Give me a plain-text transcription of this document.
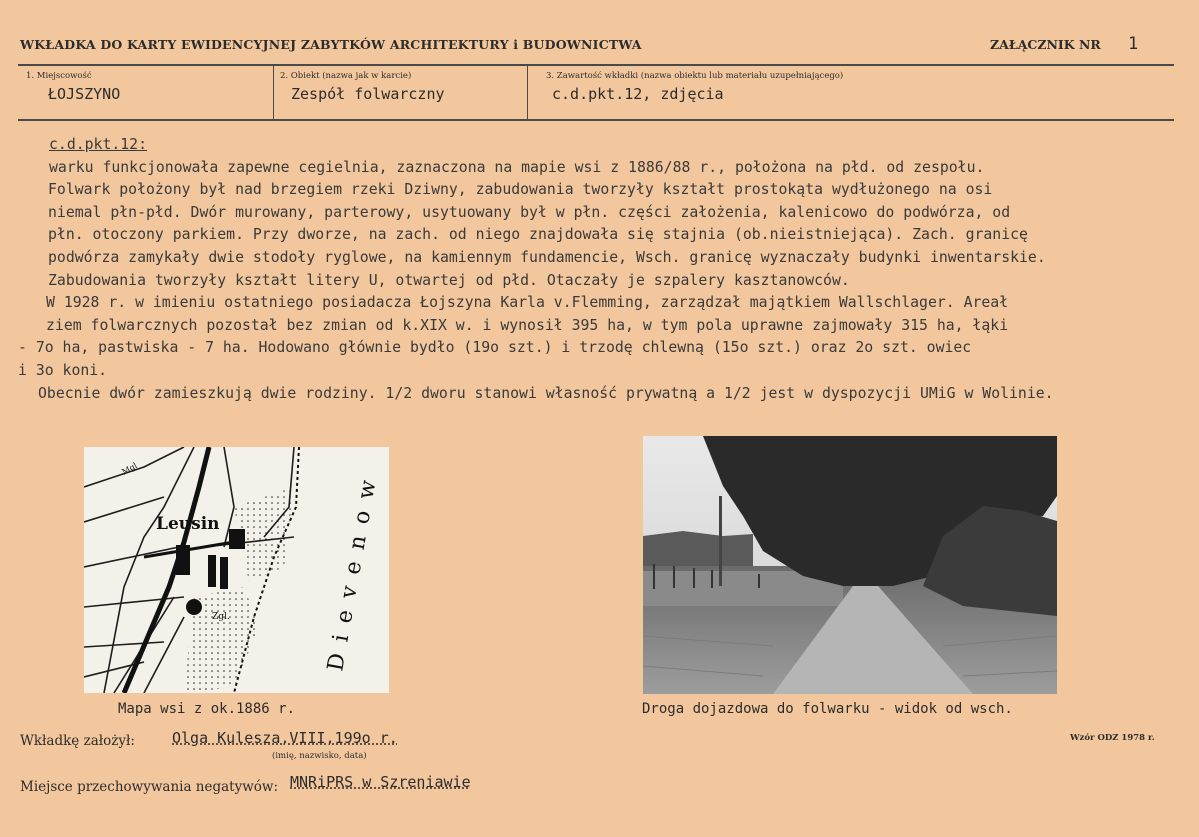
WKŁADKA DO KARTY EWIDENCYJNEJ ZABYTKÓW ARCHITEKTURY i BUDOWNICTWA	ZAŁĄCZNIK NR 1
1. Miejscowość
ŁOJSZYNO
2. Obiekt (nazwa jak w karcie)
Zespół folwarczny
3. Zawartość wkładki (nazwa obiektu lub materiału uzupełniającego)
c.d.pkt.12, zdjęcia
c.d.pkt.12:
warku funkcjonowała zapewne cegielnia, zaznaczona na mapie wsi z 1886/88 r., położona na płd. od zespołu.
Folwark położony był nad brzegiem rzeki Dziwny, zabudowania tworzyły kształt prostokąta wydłużonego na osi
niemal płn-płd. Dwór murowany, parterowy, usytuowany był w płn. części założenia, kalenicowo do podwórza, od
płn. otoczony parkiem. Przy dworze, na zach. od niego znajdowała się stajnia (ob.nieistniejąca). Zach. granicę
podwórza zamykały dwie stodoły ryglowe, na kamiennym fundamencie, Wsch. granicę wyznaczały budynki inwentarskie.
Zabudowania tworzyły kształt litery U, otwartej od płd. Otaczały je szpalery kasztanowców.
W 1928 r. w imieniu ostatniego posiadacza Łojszyna Karla v.Flemming, zarządzał majątkiem Wallschlager. Areał
ziem folwarcznych pozostał bez zmian od k.XIX w. i wynosił 395 ha, w tym pola uprawne zajmowały 315 ha, łąki
- 7o ha, pastwiska - 7 ha. Hodowano głównie bydło (19o szt.) i trzodę chlewną (15o szt.) oraz 2o szt. owiec
i 3o koni.
Obecnie dwór zamieszkują dwie rodziny. 1/2 dworu stanowi własność prywatną a 1/2 jest w dyspozycji UMiG w Wolinie.
Leusin
Mgl
Zgl.	Dievenow
Mapa wsi z ok.1886 r.	Droga dojazdowa do folwarku - widok od wsch.
Wkładkę założył: Olga Kulesza,VIII,199o r.
(imię, nazwisko, data)
Miejsce przechowywania negatywów: MNRiPRS w Szreniawie
Wzór ODZ 1978 r.
